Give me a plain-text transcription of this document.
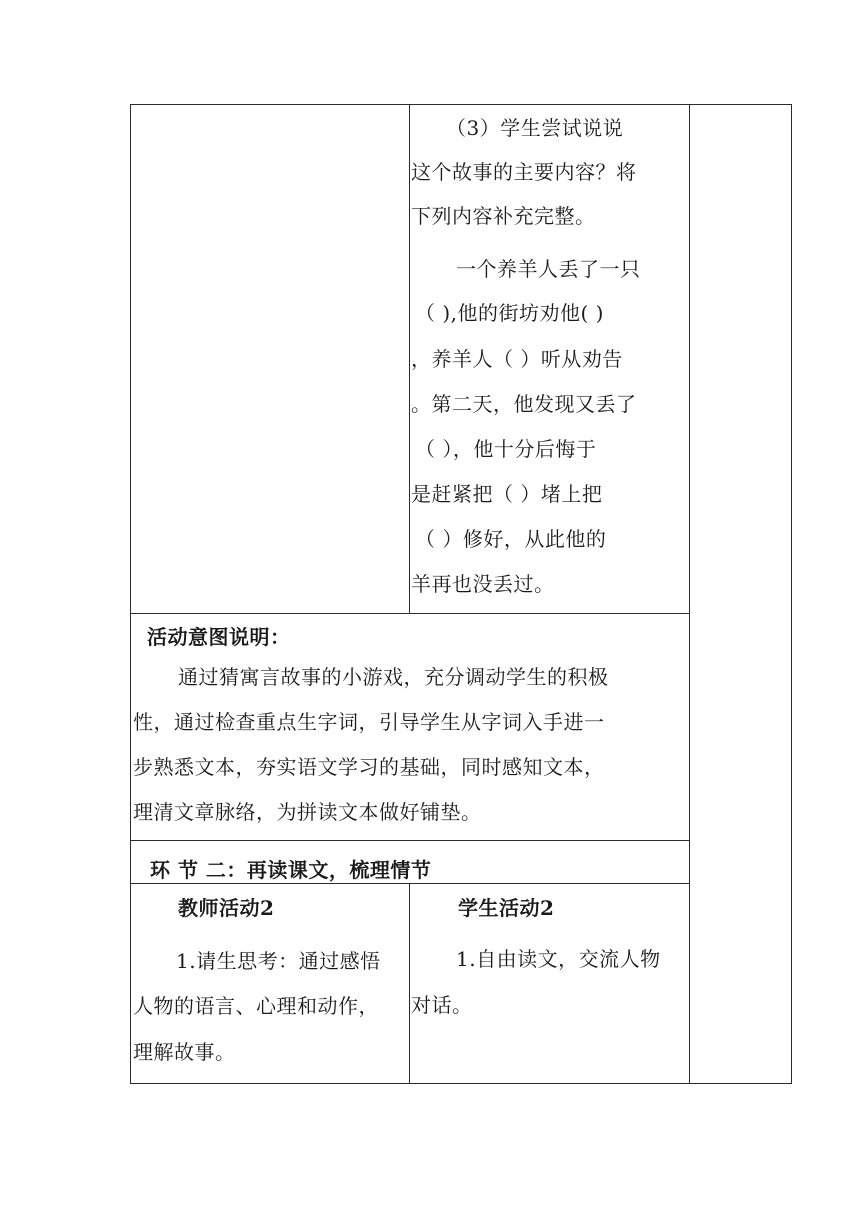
（3）学生尝试说说
这个故事的主要内容？将
下列内容补充完整。
一个养羊人丢了一只
（ ),他的街坊劝他( )
，养羊人（ ）听从劝告
。第二天，他发现又丢了
（ ），他十分后悔于
是赶紧把（ ）堵上把
（ ）修好，从此他的
羊再也没丢过。
活动意图说明：
通过猜寓言故事的小游戏，充分调动学生的积极
性，通过检查重点生字词，引导学生从字词入手进一
步熟悉文本，夯实语文学习的基础，同时感知文本，
理清文章脉络，为拼读文本做好铺垫。
环 节 二：再读课文，梳理情节
教师活动2
1.请生思考：通过感悟
人物的语言、心理和动作，
理解故事。
学生活动2
1.自由读文，交流人物
对话。
